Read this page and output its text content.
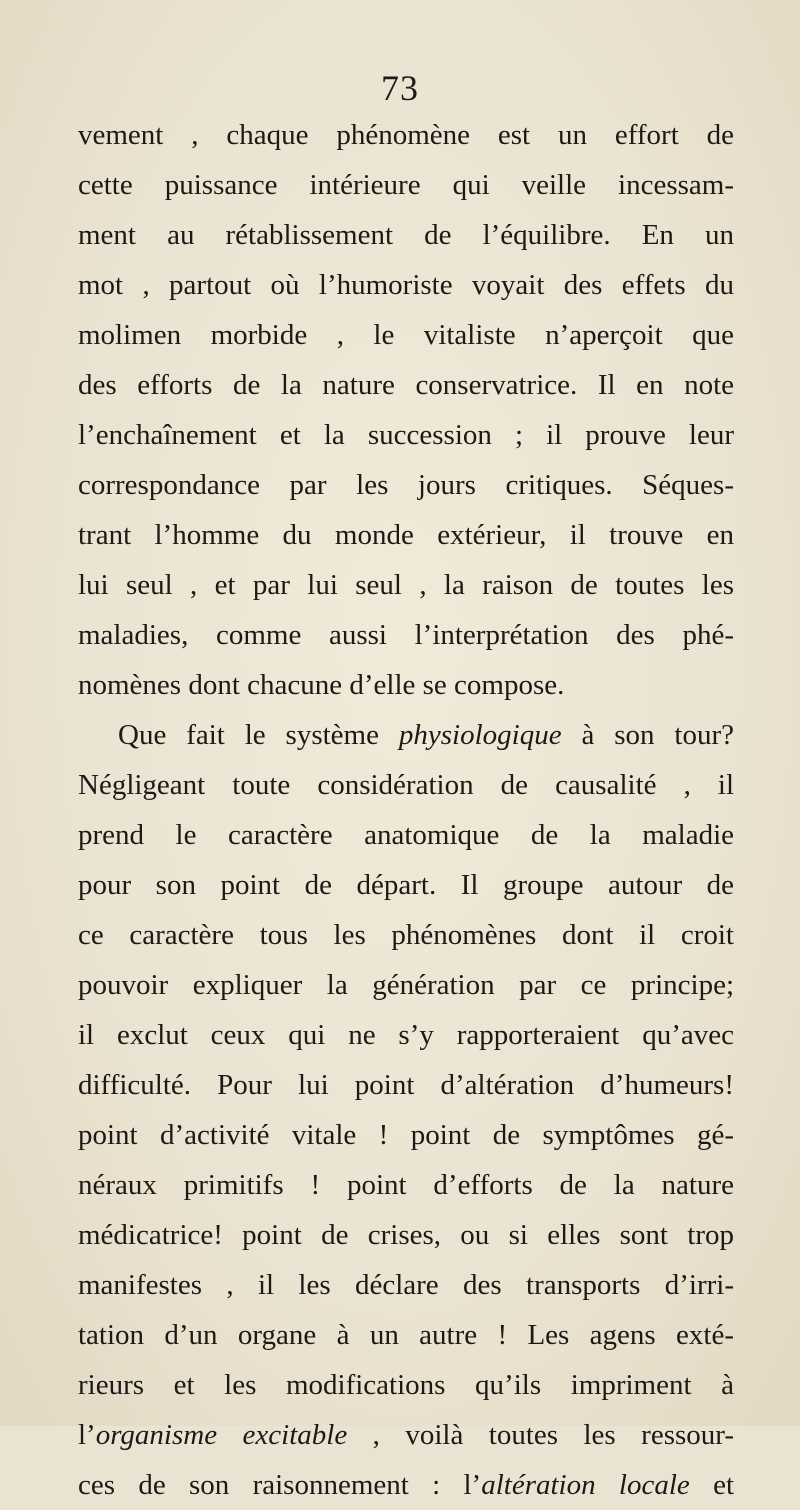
73
vement , chaque phénomène est un effort de
cette puissance intérieure qui veille incessam-
ment au rétablissement de l’équilibre. En un
mot , partout où l’humoriste voyait des effets du
molimen morbide , le vitaliste n’aperçoit que
des efforts de la nature conservatrice. Il en note
l’enchaînement et la succession ; il prouve leur
correspondance par les jours critiques. Séques-
trant l’homme du monde extérieur, il trouve en
lui seul , et par lui seul , la raison de toutes les
maladies, comme aussi l’interprétation des phé-
nomènes dont chacune d’elle se compose.
Que fait le système physiologique à son tour?
Négligeant toute considération de causalité , il
prend le caractère anatomique de la maladie
pour son point de départ. Il groupe autour de
ce caractère tous les phénomènes dont il croit
pouvoir expliquer la génération par ce principe;
il exclut ceux qui ne s’y rapporteraient qu’avec
difficulté. Pour lui point d’altération d’humeurs!
point d’activité vitale ! point de symptômes gé-
néraux primitifs ! point d’efforts de la nature
médicatrice! point de crises, ou si elles sont trop
manifestes , il les déclare des transports d’irri-
tation d’un organe à un autre ! Les agens exté-
rieurs et les modifications qu’ils impriment à
l’organisme excitable , voilà toutes les ressour-
ces de son raisonnement : l’altération locale et
